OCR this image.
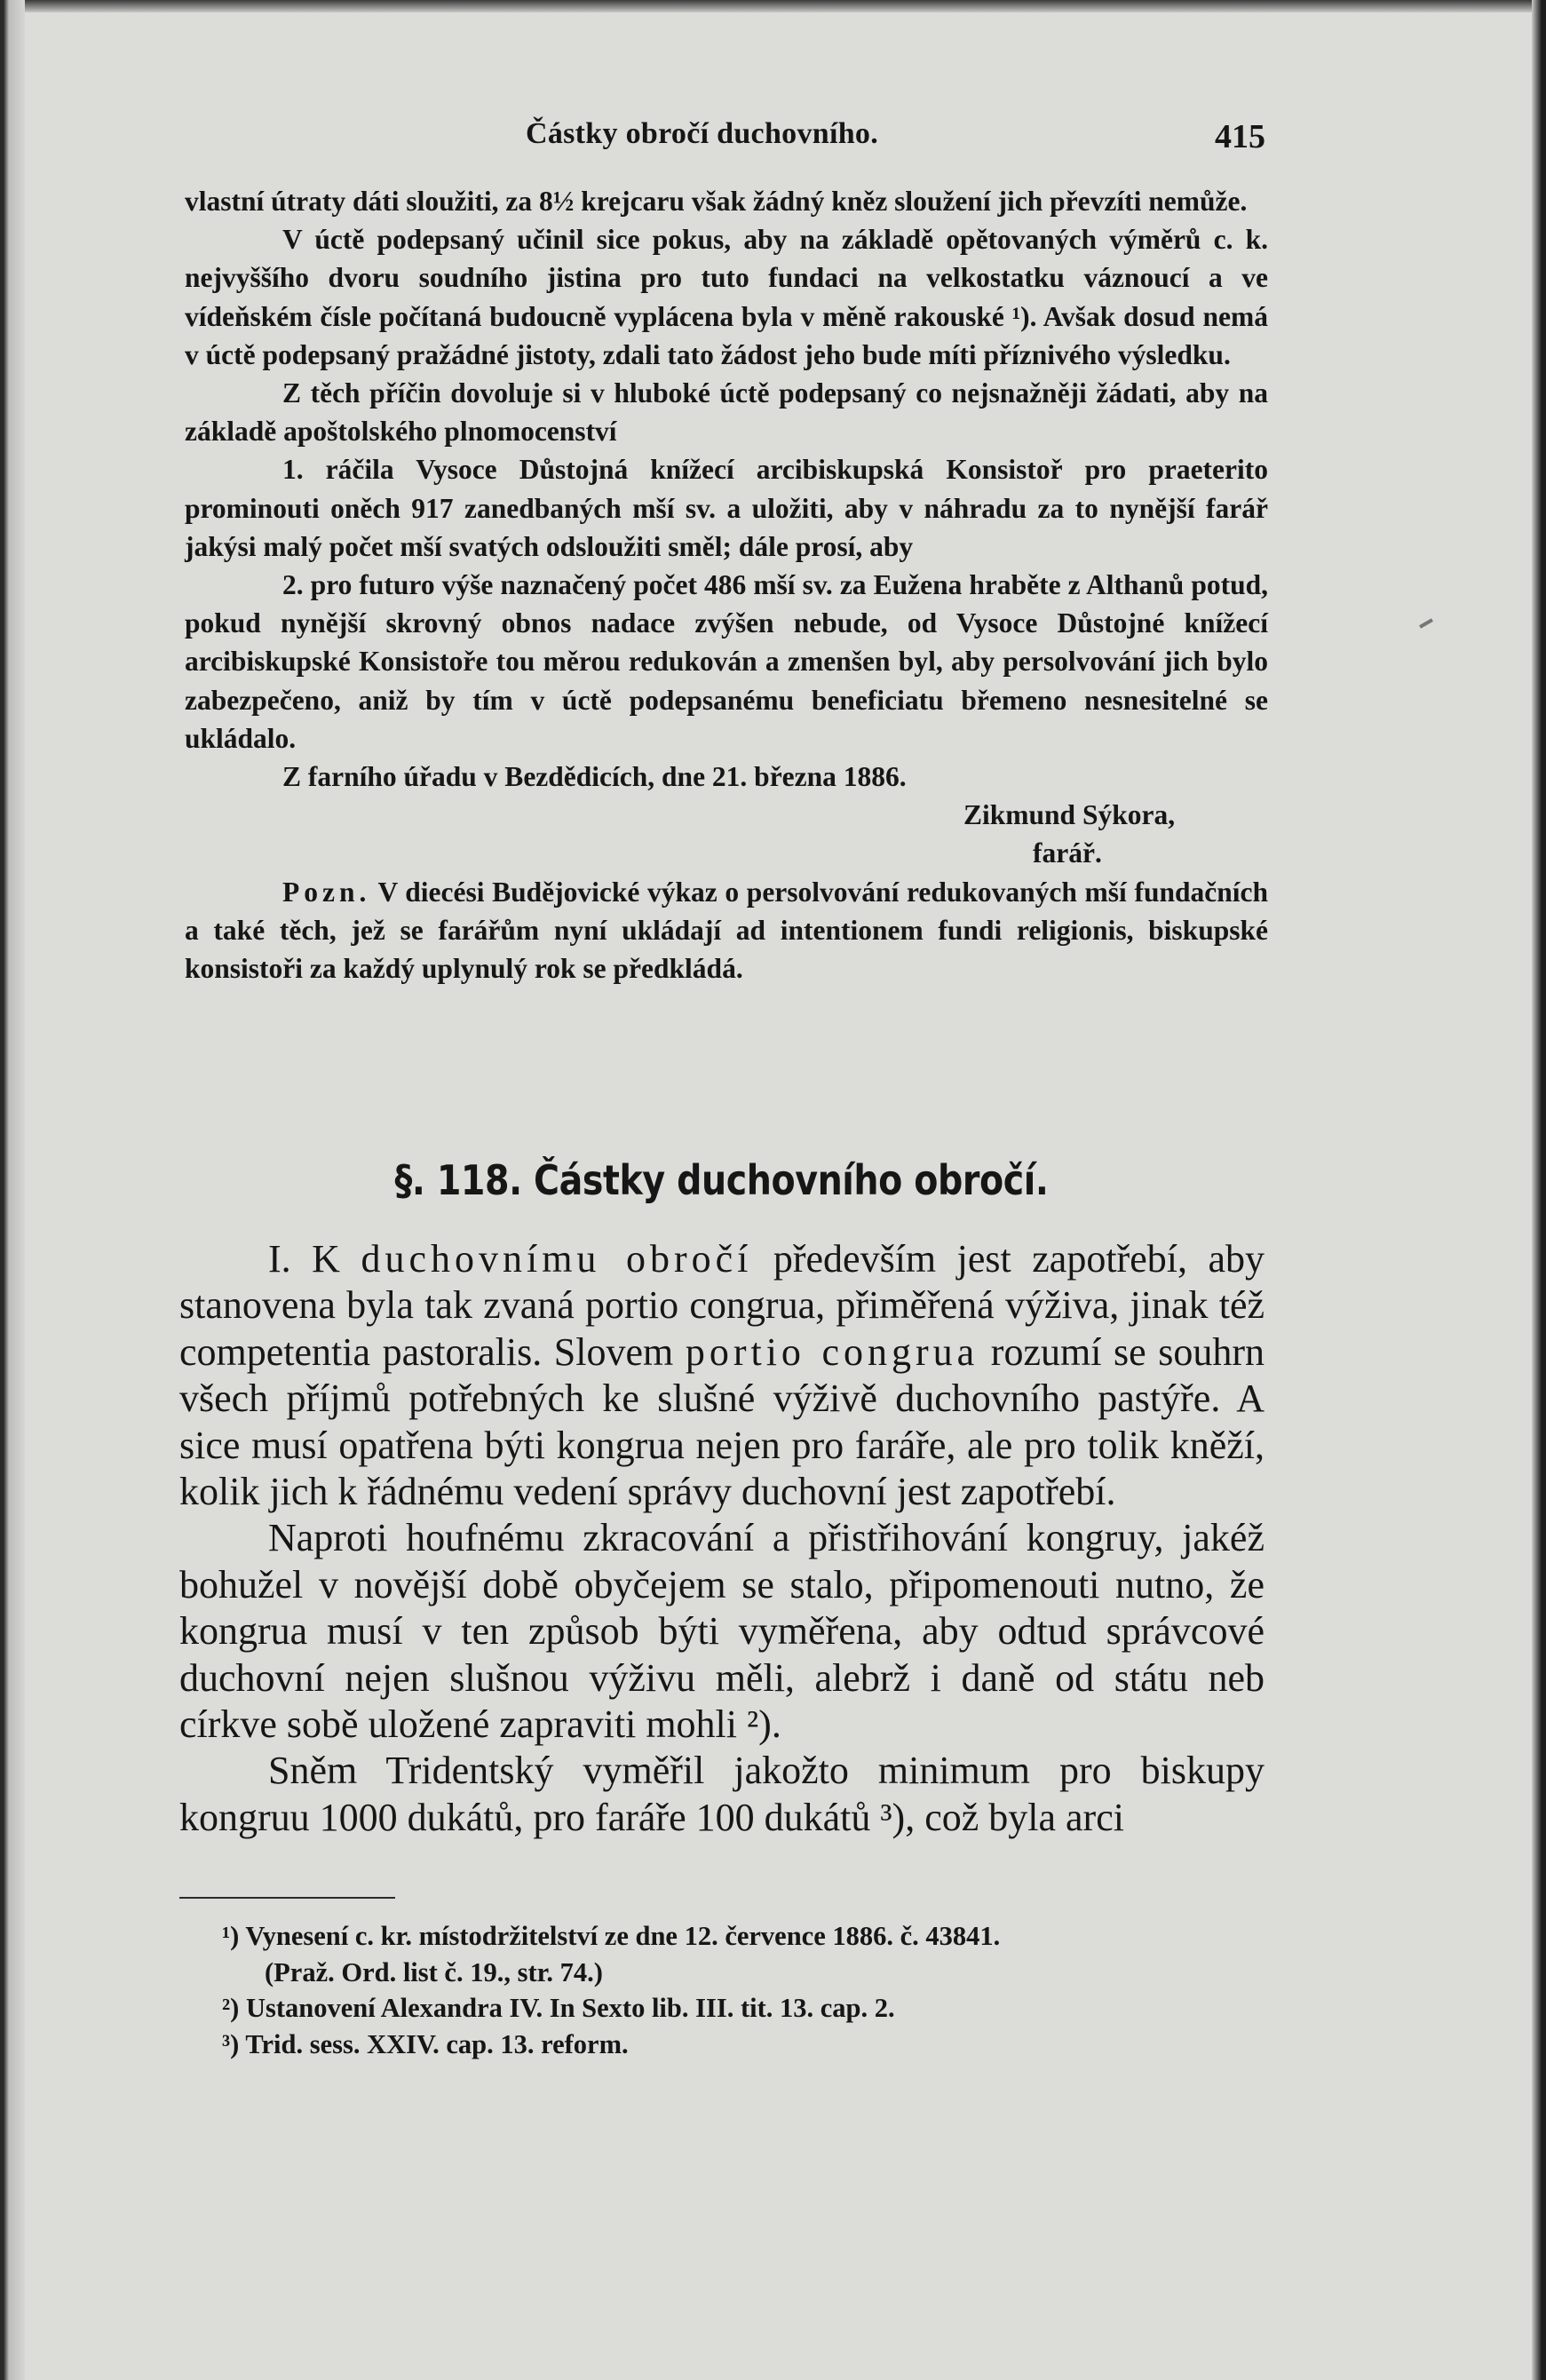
Částky obročí duchovního.	415

vlastní útraty dáti sloužiti, za 8½ krejcaru však žádný kněz sloužení jich převzíti nemůže.

V úctě podepsaný učinil sice pokus, aby na základě opětovaných výměrů c. k. nejvyššího dvoru soudního jistina pro tuto fundaci na velkostatku váznoucí a ve vídeňském čísle počítaná budoucně vyplácena byla v měně rakouské ¹). Avšak dosud nemá v úctě podepsaný pražádné jistoty, zdali tato žádost jeho bude míti příznivého výsledku.

Z těch příčin dovoluje si v hluboké úctě podepsaný co nejsnažněji žádati, aby na základě apoštolského plnomocenství

1. ráčila Vysoce Důstojná knížecí arcibiskupská Konsistoř pro praeterito prominouti oněch 917 zanedbaných mší sv. a uložiti, aby v náhradu za to nynější farář jakýsi malý počet mší svatých odsloužiti směl; dále prosí, aby

2. pro futuro výše naznačený počet 486 mší sv. za Eužena hraběte z Althanů potud, pokud nynější skrovný obnos nadace zvýšen nebude, od Vysoce Důstojné knížecí arcibiskupské Konsistoře tou měrou redukován a zmenšen byl, aby persolvování jich bylo zabezpečeno, aniž by tím v úctě podepsanému beneficiatu břemeno nesnesitelné se ukládalo.

Z farního úřadu v Bezdědicích, dne 21. března 1886.

Zikmund Sýkora,

farář.

Pozn. V diecési Budějovické výkaz o persolvování redukovaných mší fundačních a také těch, jež se farářům nyní ukládají ad intentionem fundi religionis, biskupské konsistoři za každý uplynulý rok se předkládá.

§. 118. Částky duchovního obročí.

I. K duchovnímu obročí především jest zapotřebí, aby stanovena byla tak zvaná portio congrua, přiměřená výživa, jinak též competentia pastoralis. Slovem portio congrua rozumí se souhrn všech příjmů potřebných ke slušné výživě duchovního pastýře. A sice musí opatřena býti kongrua nejen pro faráře, ale pro tolik kněží, kolik jich k řádnému vedení správy duchovní jest zapotřebí.

Naproti houfnému zkracování a přistřihování kongruy, jakéž bohužel v novější době obyčejem se stalo, připomenouti nutno, že kongrua musí v ten způsob býti vyměřena, aby odtud správcové duchovní nejen slušnou výživu měli, alebrž i daně od státu neb církve sobě uložené zapraviti mohli ²).

Sněm Tridentský vyměřil jakožto minimum pro biskupy kongruu 1000 dukátů, pro faráře 100 dukátů ³), což byla arci

¹) Vynesení c. kr. místodržitelství ze dne 12. července 1886. č. 43841.

(Praž. Ord. list č. 19., str. 74.)

²) Ustanovení Alexandra IV. In Sexto lib. III. tit. 13. cap. 2.

³) Trid. sess. XXIV. cap. 13. reform.
